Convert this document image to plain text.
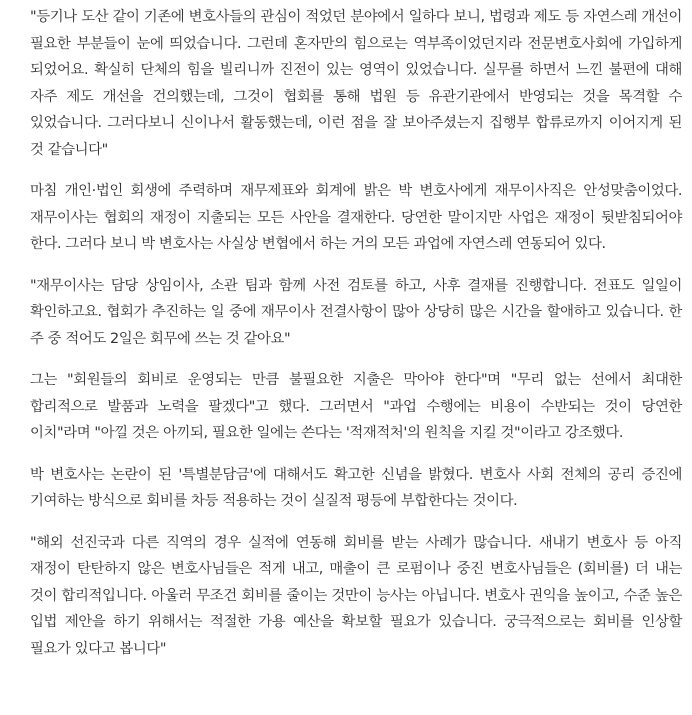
"등기나 도산 같이 기존에 변호사들의 관심이 적었던 분야에서 일하다 보니, 법령과 제도 등 자연스레 개선이 필요한 부분들이 눈에 띄었습니다. 그런데 혼자만의 힘으로는 역부족이었던지라 전문변호사회에 가입하게 되었어요. 확실히 단체의 힘을 빌리니까 진전이 있는 영역이 있었습니다. 실무를 하면서 느낀 불편에 대해 자주 제도 개선을 건의했는데, 그것이 협회를 통해 법원 등 유관기관에서 반영되는 것을 목격할 수 있었습니다. 그러다보니 신이나서 활동했는데, 이런 점을 잘 보아주셨는지 집행부 합류로까지 이어지게 된 것 같습니다"

마침 개인·법인 회생에 주력하며 재무제표와 회계에 밝은 박 변호사에게 재무이사직은 안성맞춤이었다. 재무이사는 협회의 재정이 지출되는 모든 사안을 결재한다. 당연한 말이지만 사업은 재정이 뒷받침되어야 한다. 그러다 보니 박 변호사는 사실상 변협에서 하는 거의 모든 과업에 자연스레 연동되어 있다.

"재무이사는 담당 상임이사, 소관 팀과 함께 사전 검토를 하고, 사후 결재를 진행합니다. 전표도 일일이 확인하고요. 협회가 추진하는 일 중에 재무이사 전결사항이 많아 상당히 많은 시간을 할애하고 있습니다. 한 주 중 적어도 2일은 회무에 쓰는 것 같아요"

그는 "회원들의 회비로 운영되는 만큼 불필요한 지출은 막아야 한다"며 "무리 없는 선에서 최대한 합리적으로 발품과 노력을 팔겠다"고 했다. 그러면서 "과업 수행에는 비용이 수반되는 것이 당연한 이치"라며 "아낄 것은 아끼되, 필요한 일에는 쓴다는 '적재적처'의 원칙을 지킬 것"이라고 강조했다.

박 변호사는 논란이 된 '특별분담금'에 대해서도 확고한 신념을 밝혔다. 변호사 사회 전체의 공리 증진에 기여하는 방식으로 회비를 차등 적용하는 것이 실질적 평등에 부합한다는 것이다.

"해외 선진국과 다른 직역의 경우 실적에 연동해 회비를 받는 사례가 많습니다. 새내기 변호사 등 아직 재정이 탄탄하지 않은 변호사님들은 적게 내고, 매출이 큰 로펌이나 중진 변호사님들은 (회비를) 더 내는 것이 합리적입니다. 아울러 무조건 회비를 줄이는 것만이 능사는 아닙니다. 변호사 권익을 높이고, 수준 높은 입법 제안을 하기 위해서는 적절한 가용 예산을 확보할 필요가 있습니다. 궁극적으로는 회비를 인상할 필요가 있다고 봅니다"
